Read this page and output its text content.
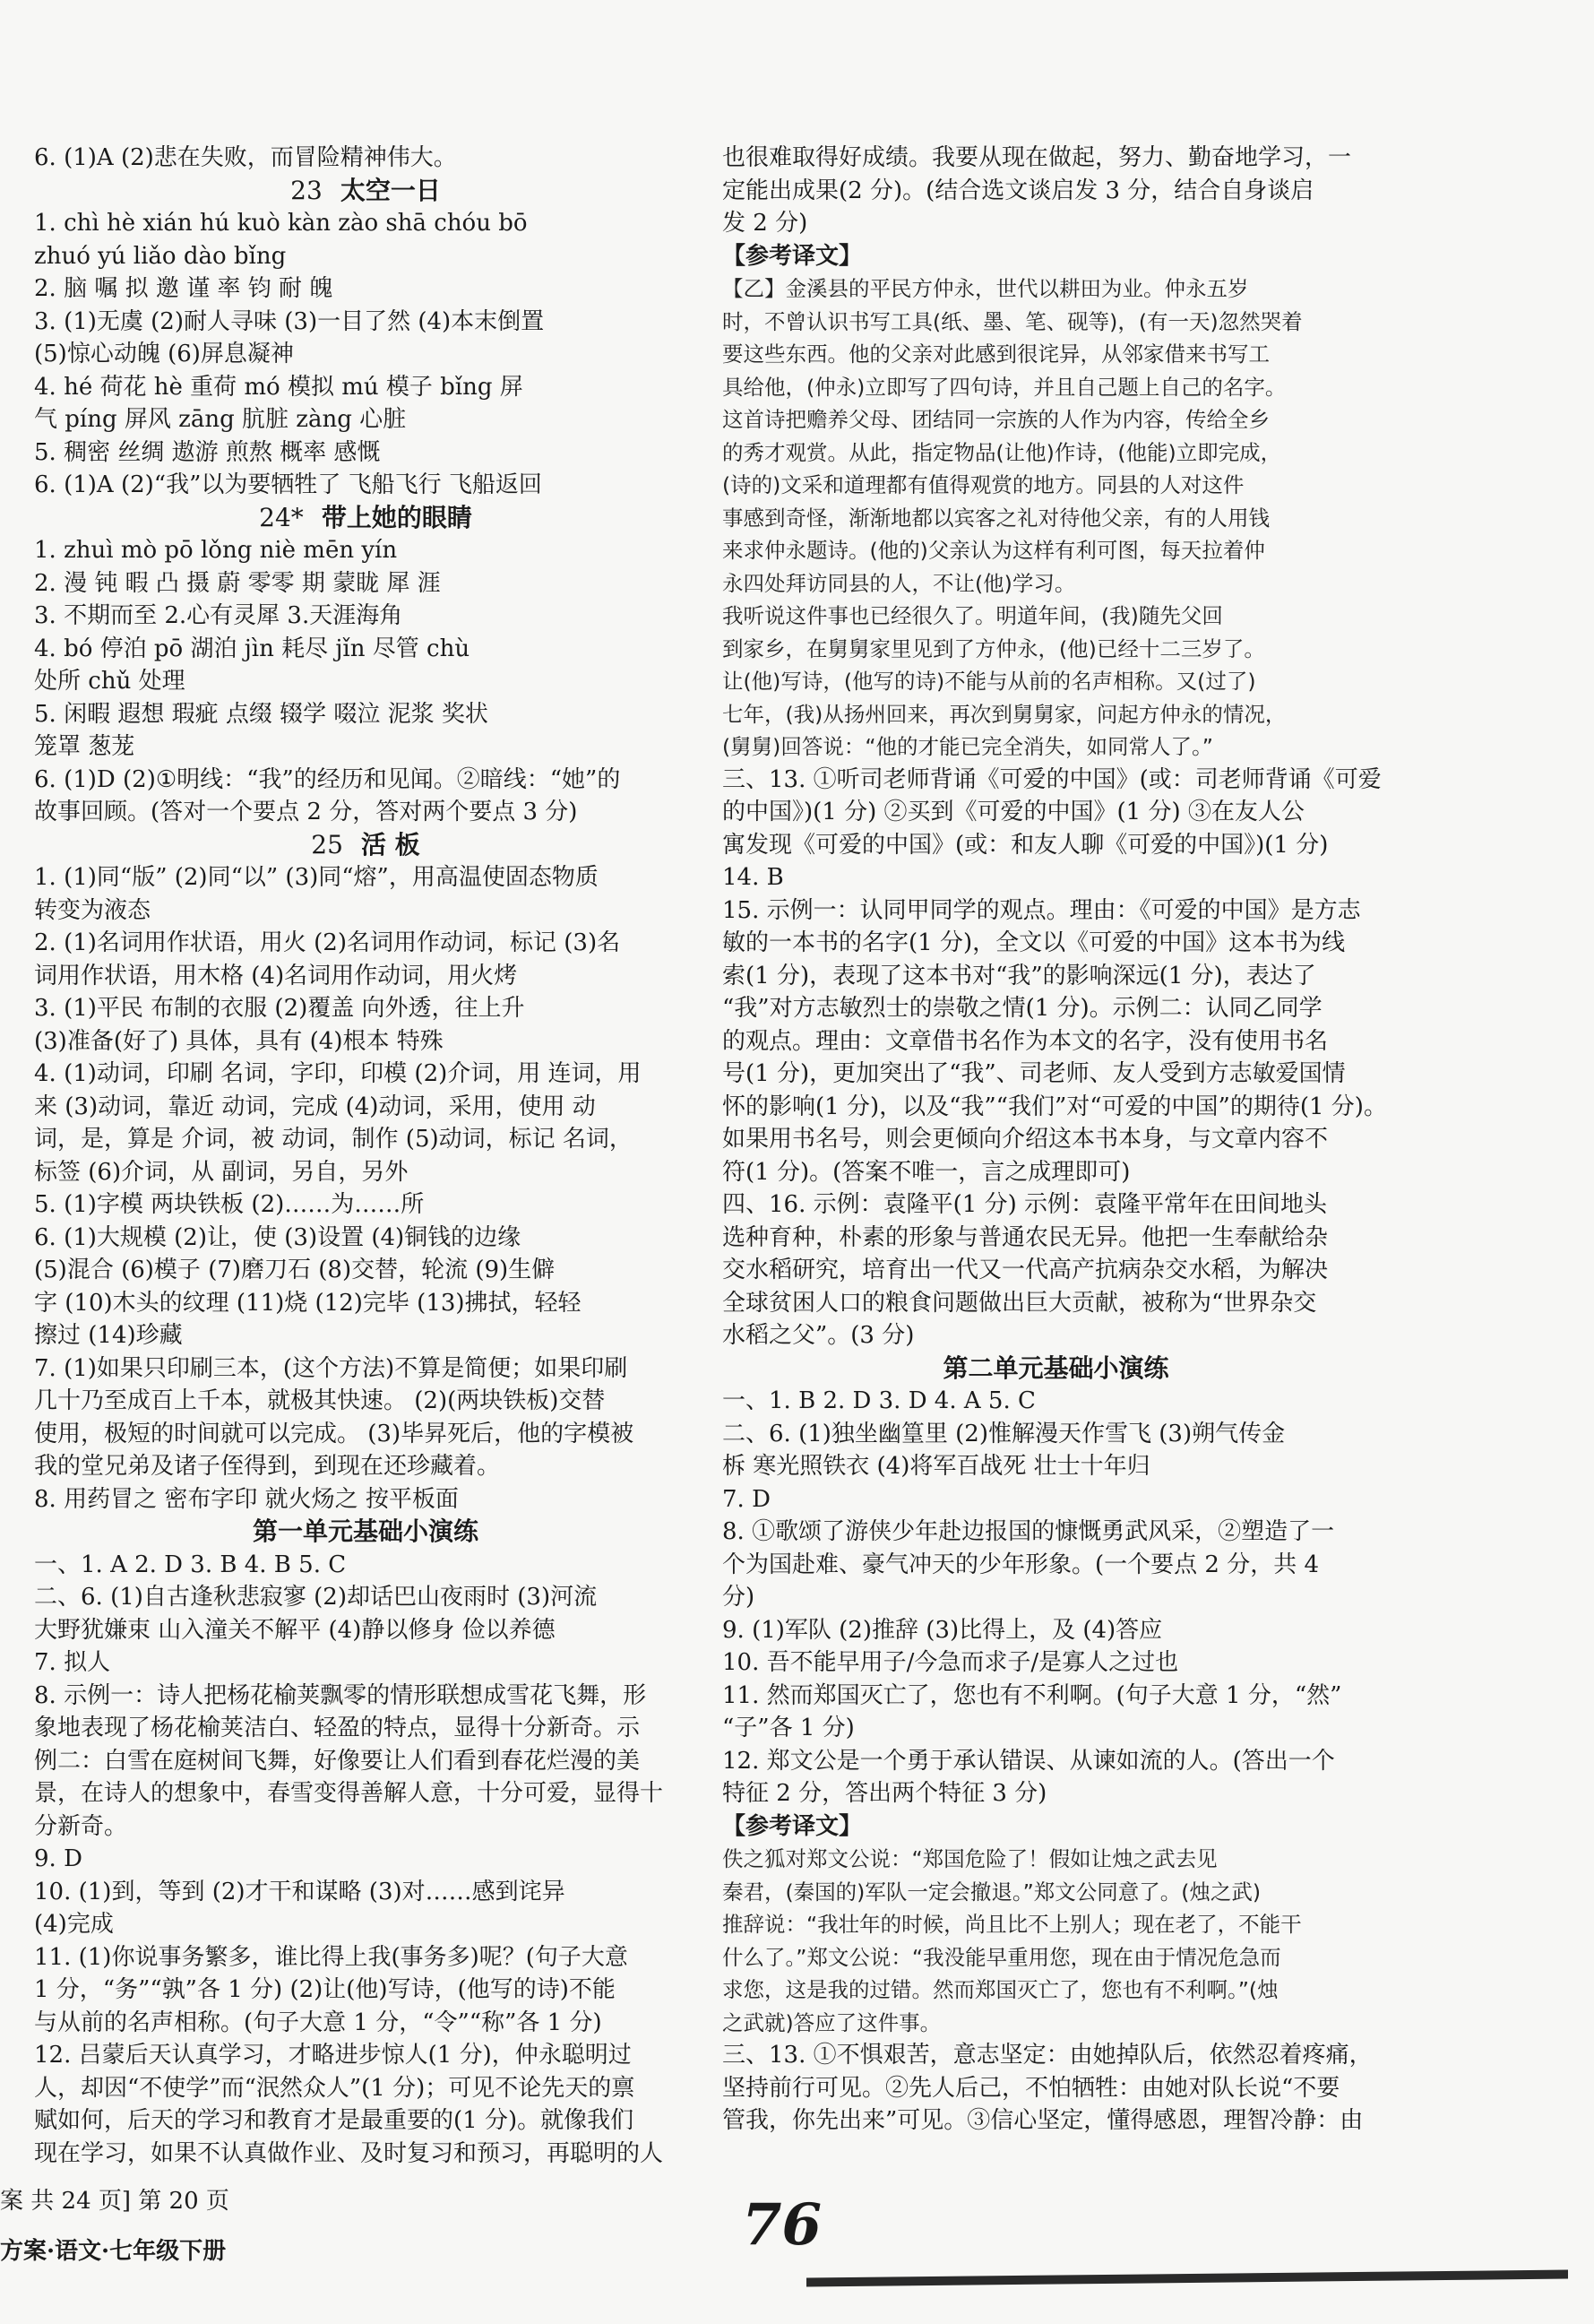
6. (1)A (2)悲在失败，而冒险精神伟大。
23 太空一日
1. chì hè xián hú kuò kàn zào shā chóu bō
zhuó yú liǎo dào bǐng
2. 脑 嘱 拟 邀 谨 率 钧 耐 魄
3. (1)无虞 (2)耐人寻味 (3)一目了然 (4)本末倒置
(5)惊心动魄 (6)屏息凝神
4. hé 荷花 hè 重荷 mó 模拟 mú 模子 bǐng 屏
气 píng 屏风 zāng 肮脏 zàng 心脏
5. 稠密 丝绸 遨游 煎熬 概率 感慨
6. (1)A (2)“我”以为要牺牲了 飞船飞行 飞船返回
24* 带上她的眼睛
1. zhuì mò pō lǒng niè mēn yín
2. 漫 钝 暇 凸 摄 蔚 零零 期 蒙眬 犀 涯
3. 不期而至 2.心有灵犀 3.天涯海角
4. bó 停泊 pō 湖泊 jìn 耗尽 jǐn 尽管 chù
处所 chǔ 处理
5. 闲暇 遐想 瑕疵 点缀 辍学 啜泣 泥浆 奖状
笼罩 葱茏
6. (1)D (2)①明线：“我”的经历和见闻。②暗线：“她”的
故事回顾。(答对一个要点 2 分，答对两个要点 3 分)
25 活 板
1. (1)同“版” (2)同“以” (3)同“熔”，用高温使固态物质
转变为液态
2. (1)名词用作状语，用火 (2)名词用作动词，标记 (3)名
词用作状语，用木格 (4)名词用作动词，用火烤
3. (1)平民 布制的衣服 (2)覆盖 向外透，往上升
(3)准备(好了) 具体，具有 (4)根本 特殊
4. (1)动词，印刷 名词，字印，印模 (2)介词，用 连词，用
来 (3)动词，靠近 动词，完成 (4)动词，采用，使用 动
词，是，算是 介词，被 动词，制作 (5)动词，标记 名词，
标签 (6)介词，从 副词，另自，另外
5. (1)字模 两块铁板 (2)……为……所
6. (1)大规模 (2)让，使 (3)设置 (4)铜钱的边缘
(5)混合 (6)模子 (7)磨刀石 (8)交替，轮流 (9)生僻
字 (10)木头的纹理 (11)烧 (12)完毕 (13)拂拭，轻轻
擦过 (14)珍藏
7. (1)如果只印刷三本，(这个方法)不算是简便；如果印刷
几十乃至成百上千本，就极其快速。 (2)(两块铁板)交替
使用，极短的时间就可以完成。 (3)毕昇死后，他的字模被
我的堂兄弟及诸子侄得到，到现在还珍藏着。
8. 用药冒之 密布字印 就火炀之 按平板面
第一单元基础小演练
一、1. A 2. D 3. B 4. B 5. C
二、6. (1)自古逢秋悲寂寥 (2)却话巴山夜雨时 (3)河流
大野犹嫌束 山入潼关不解平 (4)静以修身 俭以养德
7. 拟人
8. 示例一：诗人把杨花榆荚飘零的情形联想成雪花飞舞，形
象地表现了杨花榆荚洁白、轻盈的特点，显得十分新奇。示
例二：白雪在庭树间飞舞，好像要让人们看到春花烂漫的美
景，在诗人的想象中，春雪变得善解人意，十分可爱，显得十
分新奇。
9. D
10. (1)到，等到 (2)才干和谋略 (3)对……感到诧异
(4)完成
11. (1)你说事务繁多，谁比得上我(事务多)呢？(句子大意
1 分，“务”“孰”各 1 分) (2)让(他)写诗，(他写的诗)不能
与从前的名声相称。(句子大意 1 分，“令”“称”各 1 分)
12. 吕蒙后天认真学习，才略进步惊人(1 分)，仲永聪明过
人，却因“不使学”而“泯然众人”(1 分)；可见不论先天的禀
赋如何，后天的学习和教育才是最重要的(1 分)。就像我们
现在学习，如果不认真做作业、及时复习和预习，再聪明的人
也很难取得好成绩。我要从现在做起，努力、勤奋地学习，一
定能出成果(2 分)。(结合选文谈启发 3 分，结合自身谈启
发 2 分)
【参考译文】
【乙】金溪县的平民方仲永，世代以耕田为业。仲永五岁
时，不曾认识书写工具(纸、墨、笔、砚等)，(有一天)忽然哭着
要这些东西。他的父亲对此感到很诧异，从邻家借来书写工
具给他，(仲永)立即写了四句诗，并且自己题上自己的名字。
这首诗把赡养父母、团结同一宗族的人作为内容，传给全乡
的秀才观赏。从此，指定物品(让他)作诗，(他能)立即完成，
(诗的)文采和道理都有值得观赏的地方。同县的人对这件
事感到奇怪，渐渐地都以宾客之礼对待他父亲，有的人用钱
来求仲永题诗。(他的)父亲认为这样有利可图，每天拉着仲
永四处拜访同县的人，不让(他)学习。
我听说这件事也已经很久了。明道年间，(我)随先父回
到家乡，在舅舅家里见到了方仲永，(他)已经十二三岁了。
让(他)写诗，(他写的诗)不能与从前的名声相称。又(过了)
七年，(我)从扬州回来，再次到舅舅家，问起方仲永的情况，
(舅舅)回答说：“他的才能已完全消失，如同常人了。”
三、13. ①听司老师背诵《可爱的中国》(或：司老师背诵《可爱
的中国》)(1 分) ②买到《可爱的中国》(1 分) ③在友人公
寓发现《可爱的中国》(或：和友人聊《可爱的中国》)(1 分)
14. B
15. 示例一：认同甲同学的观点。理由：《可爱的中国》是方志
敏的一本书的名字(1 分)，全文以《可爱的中国》这本书为线
索(1 分)，表现了这本书对“我”的影响深远(1 分)，表达了
“我”对方志敏烈士的崇敬之情(1 分)。示例二：认同乙同学
的观点。理由：文章借书名作为本文的名字，没有使用书名
号(1 分)，更加突出了“我”、司老师、友人受到方志敏爱国情
怀的影响(1 分)，以及“我”“我们”对“可爱的中国”的期待(1 分)。
如果用书名号，则会更倾向介绍这本书本身，与文章内容不
符(1 分)。(答案不唯一，言之成理即可)
四、16. 示例：袁隆平(1 分) 示例：袁隆平常年在田间地头
选种育种，朴素的形象与普通农民无异。他把一生奉献给杂
交水稻研究，培育出一代又一代高产抗病杂交水稻，为解决
全球贫困人口的粮食问题做出巨大贡献，被称为“世界杂交
水稻之父”。(3 分)
第二单元基础小演练
一、1. B 2. D 3. D 4. A 5. C
二、6. (1)独坐幽篁里 (2)惟解漫天作雪飞 (3)朔气传金
柝 寒光照铁衣 (4)将军百战死 壮士十年归
7. D
8. ①歌颂了游侠少年赴边报国的慷慨勇武风采，②塑造了一
个为国赴难、豪气冲天的少年形象。(一个要点 2 分，共 4
分)
9. (1)军队 (2)推辞 (3)比得上，及 (4)答应
10. 吾不能早用子/今急而求子/是寡人之过也
11. 然而郑国灭亡了，您也有不利啊。(句子大意 1 分，“然”
“子”各 1 分)
12. 郑文公是一个勇于承认错误、从谏如流的人。(答出一个
特征 2 分，答出两个特征 3 分)
【参考译文】
佚之狐对郑文公说：“郑国危险了！假如让烛之武去见
秦君，(秦国的)军队一定会撤退。”郑文公同意了。(烛之武)
推辞说：“我壮年的时候，尚且比不上别人；现在老了，不能干
什么了。”郑文公说：“我没能早重用您，现在由于情况危急而
求您，这是我的过错。然而郑国灭亡了，您也有不利啊。”(烛
之武就)答应了这件事。
三、13. ①不惧艰苦，意志坚定：由她掉队后，依然忍着疼痛，
坚持前行可见。②先人后己，不怕牺牲：由她对队长说“不要
管我，你先出来”可见。③信心坚定，懂得感恩，理智冷静：由
案 共 24 页] 第 20 页
方案·语文·七年级下册	76
